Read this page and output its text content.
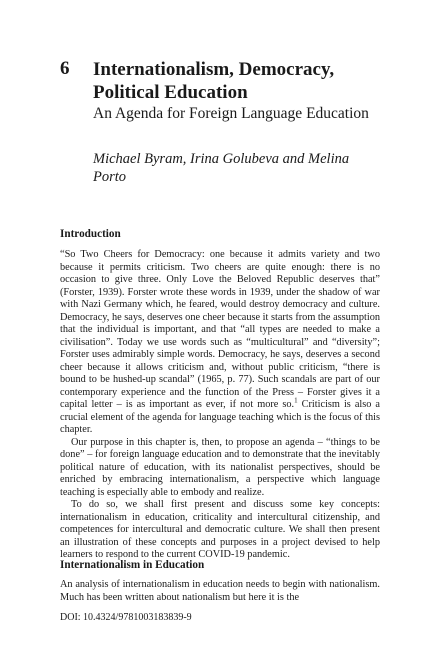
6 Internationalism, Democracy, Political Education
An Agenda for Foreign Language Education
Michael Byram, Irina Golubeva and Melina Porto
Introduction

“So Two Cheers for Democracy: one because it admits variety and two because it permits criticism. Two cheers are quite enough: there is no occasion to give three. Only Love the Beloved Republic deserves that” (Forster, 1939). Forster wrote these words in 1939, under the shadow of war with Nazi Germany which, he feared, would destroy democracy and culture. Democracy, he says, deserves one cheer because it starts from the assumption that the individual is important, and that “all types are needed to make a civilisation”. Today we use words such as “multicultural” and “diversity”; Forster uses admirably simple words. Democracy, he says, deserves a second cheer because it allows criticism and, without public criticism, “there is bound to be hushed-up scandal” (1965, p. 77). Such scandals are part of our contemporary experience and the function of the Press – Forster gives it a capital letter – is as important as ever, if not more so.$^1$ Criticism is also a crucial element of the agenda for language teaching which is the focus of this chapter.

Our purpose in this chapter is, then, to propose an agenda – “things to be done” – for foreign language education and to demonstrate that the inevitably political nature of education, with its nationalist perspectives, should be enriched by embracing internationalism, a perspective which language teaching is especially able to embody and realize.

To do so, we shall first present and discuss some key concepts: internationalism in education, criticality and intercultural citizenship, and competences for intercultural and democratic culture. We shall then present an illustration of these concepts and purposes in a project devised to help learners to respond to the current COVID-19 pandemic.

Internationalism in Education

An analysis of internationalism in education needs to begin with nationalism. Much has been written about nationalism but here it is the

DOI: 10.4324/9781003183839-9
